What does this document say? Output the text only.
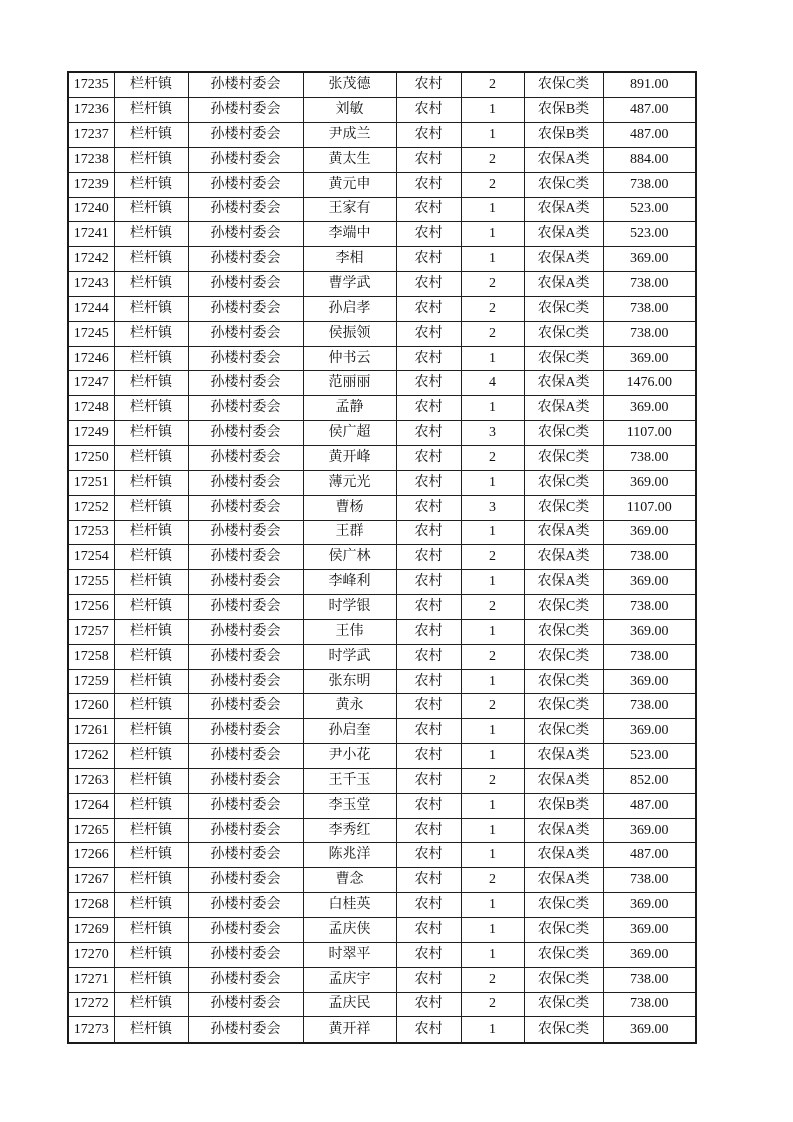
17235	栏杆镇	孙楼村委会	张茂德	农村	2	农保C类	891.00
17236	栏杆镇	孙楼村委会	刘敏	农村	1	农保B类	487.00
17237	栏杆镇	孙楼村委会	尹成兰	农村	1	农保B类	487.00
17238	栏杆镇	孙楼村委会	黄太生	农村	2	农保A类	884.00
17239	栏杆镇	孙楼村委会	黄元申	农村	2	农保C类	738.00
17240	栏杆镇	孙楼村委会	王家有	农村	1	农保A类	523.00
17241	栏杆镇	孙楼村委会	李端中	农村	1	农保A类	523.00
17242	栏杆镇	孙楼村委会	李相	农村	1	农保A类	369.00
17243	栏杆镇	孙楼村委会	曹学武	农村	2	农保A类	738.00
17244	栏杆镇	孙楼村委会	孙启孝	农村	2	农保C类	738.00
17245	栏杆镇	孙楼村委会	侯振领	农村	2	农保C类	738.00
17246	栏杆镇	孙楼村委会	仲书云	农村	1	农保C类	369.00
17247	栏杆镇	孙楼村委会	范丽丽	农村	4	农保A类	1476.00
17248	栏杆镇	孙楼村委会	孟静	农村	1	农保A类	369.00
17249	栏杆镇	孙楼村委会	侯广超	农村	3	农保C类	1107.00
17250	栏杆镇	孙楼村委会	黄开峰	农村	2	农保C类	738.00
17251	栏杆镇	孙楼村委会	薄元光	农村	1	农保C类	369.00
17252	栏杆镇	孙楼村委会	曹杨	农村	3	农保C类	1107.00
17253	栏杆镇	孙楼村委会	王群	农村	1	农保A类	369.00
17254	栏杆镇	孙楼村委会	侯广林	农村	2	农保A类	738.00
17255	栏杆镇	孙楼村委会	李峰利	农村	1	农保A类	369.00
17256	栏杆镇	孙楼村委会	时学银	农村	2	农保C类	738.00
17257	栏杆镇	孙楼村委会	王伟	农村	1	农保C类	369.00
17258	栏杆镇	孙楼村委会	时学武	农村	2	农保C类	738.00
17259	栏杆镇	孙楼村委会	张东明	农村	1	农保C类	369.00
17260	栏杆镇	孙楼村委会	黄永	农村	2	农保C类	738.00
17261	栏杆镇	孙楼村委会	孙启奎	农村	1	农保C类	369.00
17262	栏杆镇	孙楼村委会	尹小花	农村	1	农保A类	523.00
17263	栏杆镇	孙楼村委会	王千玉	农村	2	农保A类	852.00
17264	栏杆镇	孙楼村委会	李玉堂	农村	1	农保B类	487.00
17265	栏杆镇	孙楼村委会	李秀红	农村	1	农保A类	369.00
17266	栏杆镇	孙楼村委会	陈兆洋	农村	1	农保A类	487.00
17267	栏杆镇	孙楼村委会	曹念	农村	2	农保A类	738.00
17268	栏杆镇	孙楼村委会	白桂英	农村	1	农保C类	369.00
17269	栏杆镇	孙楼村委会	孟庆侠	农村	1	农保C类	369.00
17270	栏杆镇	孙楼村委会	时翠平	农村	1	农保C类	369.00
17271	栏杆镇	孙楼村委会	孟庆宇	农村	2	农保C类	738.00
17272	栏杆镇	孙楼村委会	孟庆民	农村	2	农保C类	738.00
17273	栏杆镇	孙楼村委会	黄开祥	农村	1	农保C类	369.00
